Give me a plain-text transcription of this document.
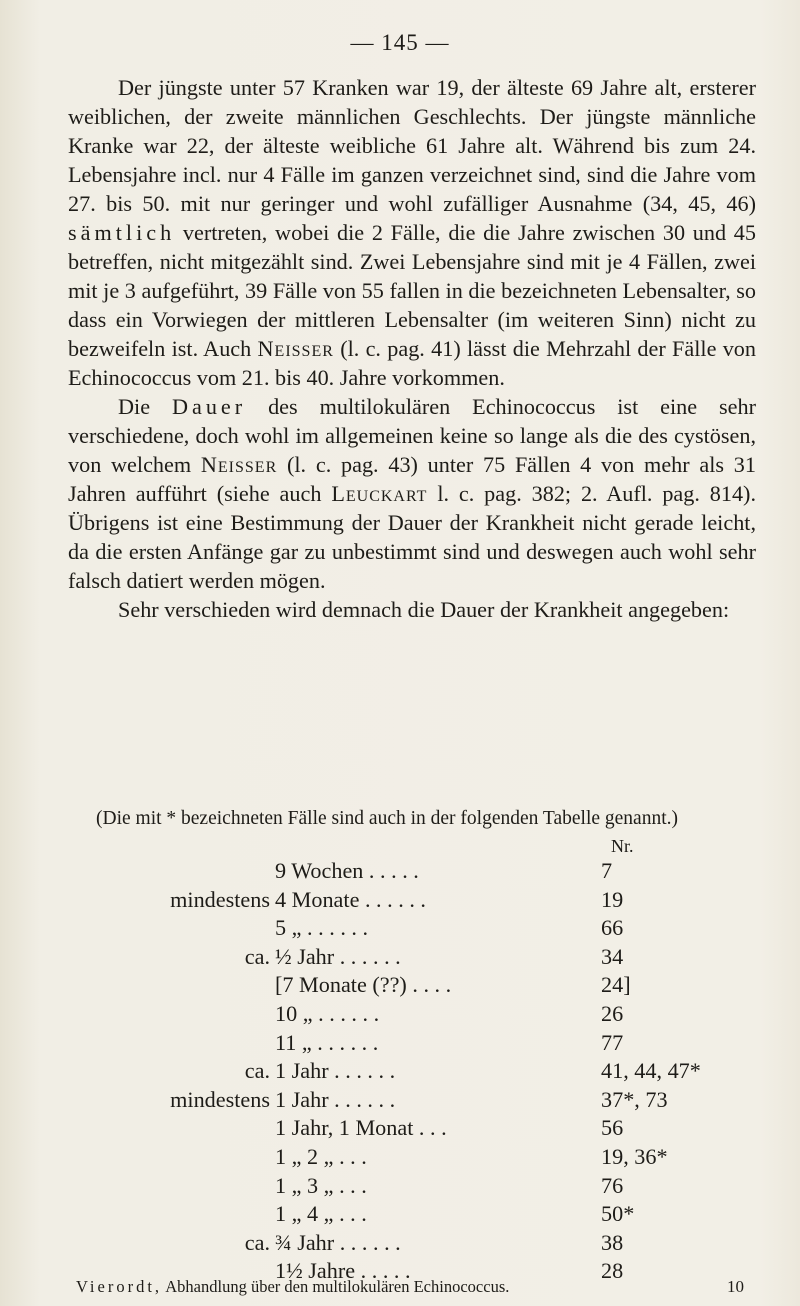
— 145 —

Der jüngste unter 57 Kranken war 19, der älteste 69 Jahre alt, ersterer weiblichen, der zweite männlichen Geschlechts. Der jüngste männliche Kranke war 22, der älteste weibliche 61 Jahre alt. Während bis zum 24. Lebensjahre incl. nur 4 Fälle im ganzen verzeichnet sind, sind die Jahre vom 27. bis 50. mit nur geringer und wohl zufälliger Ausnahme (34, 45, 46) sämtlich vertreten, wobei die 2 Fälle, die die Jahre zwischen 30 und 45 betreffen, nicht mitgezählt sind. Zwei Lebensjahre sind mit je 4 Fällen, zwei mit je 3 aufgeführt, 39 Fälle von 55 fallen in die bezeichneten Lebensalter, so dass ein Vorwiegen der mittleren Lebensalter (im weiteren Sinn) nicht zu bezweifeln ist. Auch Neisser (l. c. pag. 41) lässt die Mehrzahl der Fälle von Echinococcus vom 21. bis 40. Jahre vorkommen.

Die Dauer des multilokulären Echinococcus ist eine sehr verschiedene, doch wohl im allgemeinen keine so lange als die des cystösen, von welchem Neisser (l. c. pag. 43) unter 75 Fällen 4 von mehr als 31 Jahren aufführt (siehe auch Leuckart l. c. pag. 382; 2. Aufl. pag. 814). Übrigens ist eine Bestimmung der Dauer der Krankheit nicht gerade leicht, da die ersten Anfänge gar zu unbestimmt sind und deswegen auch wohl sehr falsch datiert werden mögen.

Sehr verschieden wird demnach die Dauer der Krankheit angegeben:

(Die mit * bezeichneten Fälle sind auch in der folgenden Tabelle genannt.)
Nr.
9 Wochen . . . . .	7
mindestens 4 Monate . . . . . .	19
5 „ . . . . . .	66
ca. ½ Jahr . . . . . .	34
[7 Monate (??) . . . .	24]
10 „ . . . . . .	26
11 „ . . . . . .	77
ca. 1 Jahr . . . . . .	41, 44, 47*
mindestens 1 Jahr . . . . . .	37*, 73
1 Jahr, 1 Monat . . .	56
1 „ 2 „ . . .	19, 36*
1 „ 3 „ . . .	76
1 „ 4 „ . . .	50*
ca. ¾ Jahr . . . . . .	38
1½ Jahre . . . . .	28
Vierordt, Abhandlung über den multilokulären Echinococcus.	10
